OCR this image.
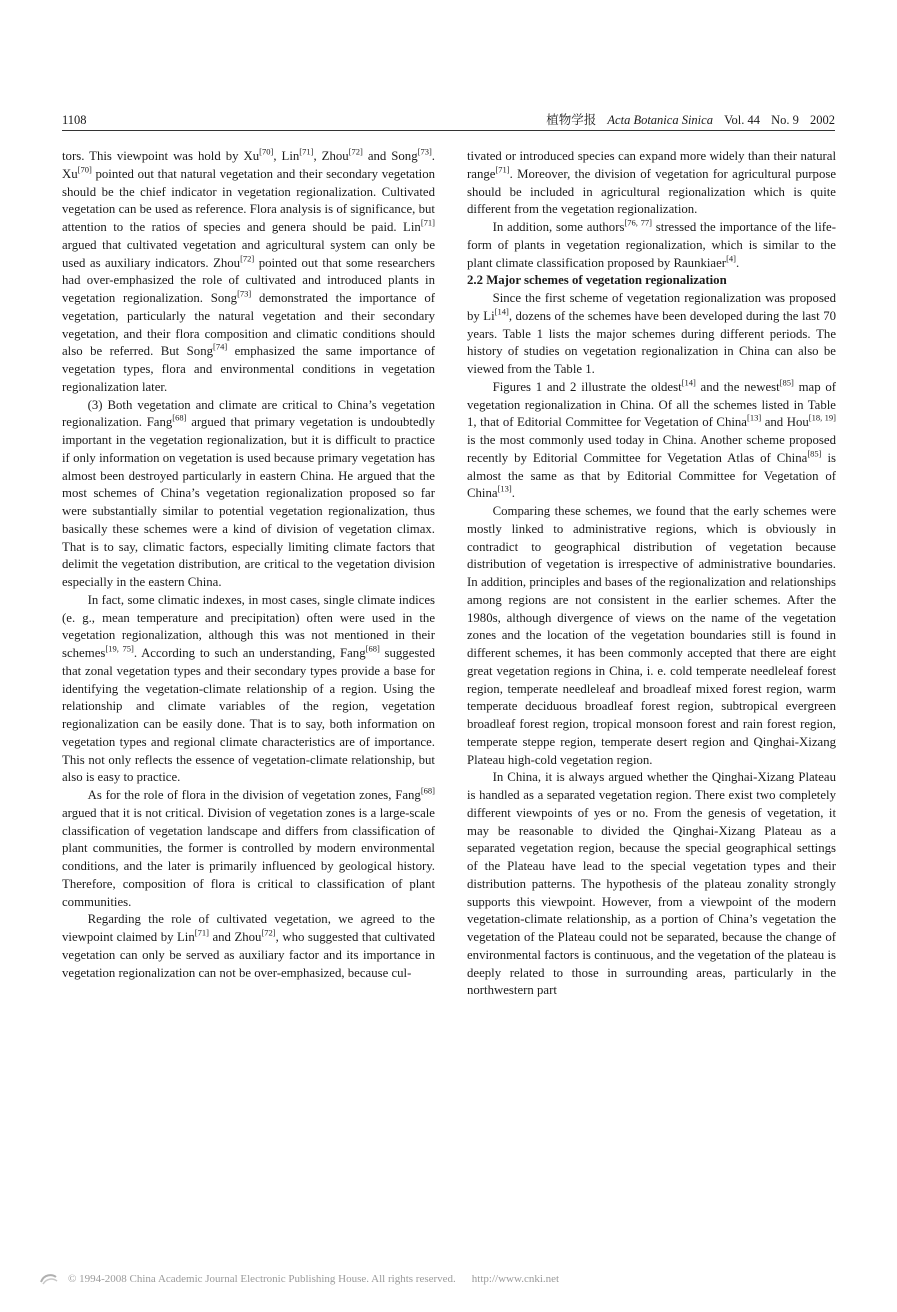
1108	植物学报 Acta Botanica Sinica Vol. 44 No. 9 2002

tors. This viewpoint was hold by Xu[70], Lin[71], Zhou[72] and Song[73]. Xu[70] pointed out that natural vegetation and their secondary vegetation should be the chief indicator in vegetation regionalization. Cultivated vegetation can be used as reference. Flora analysis is of significance, but attention to the ratios of species and genera should be paid. Lin[71] argued that cultivated vegetation and agricultural system can only be used as auxiliary indicators. Zhou[72] pointed out that some researchers had over-emphasized the role of cultivated and introduced plants in vegetation regionalization. Song[73] demonstrated the importance of vegetation, particularly the natural vegetation and their secondary vegetation, and their flora composition and climatic conditions should also be referred. But Song[74] emphasized the same importance of vegetation types, flora and environmental conditions in vegetation regionalization later.

(3) Both vegetation and climate are critical to China’s vegetation regionalization. Fang[68] argued that primary vegetation is undoubtedly important in the vegetation regionalization, but it is difficult to practice if only information on vegetation is used because primary vegetation has almost been destroyed particularly in eastern China. He argued that the most schemes of China’s vegetation regionalization proposed so far were substantially similar to potential vegetation regionalization, thus basically these schemes were a kind of division of vegetation climax. That is to say, climatic factors, especially limiting climate factors that delimit the vegetation distribution, are critical to the vegetation division especially in the eastern China.

In fact, some climatic indexes, in most cases, single climate indices (e. g., mean temperature and precipitation) often were used in the vegetation regionalization, although this was not mentioned in their schemes[19, 75]. According to such an understanding, Fang[68] suggested that zonal vegetation types and their secondary types provide a base for identifying the vegetation-climate relationship of a region. Using the relationship and climate variables of the region, vegetation regionalization can be easily done. That is to say, both information on vegetation types and regional climate characteristics are of importance. This not only reflects the essence of vegetation-climate relationship, but also is easy to practice.

As for the role of flora in the division of vegetation zones, Fang[68] argued that it is not critical. Division of vegetation zones is a large-scale classification of vegetation landscape and differs from classification of plant communities, the former is controlled by modern environmental conditions, and the later is primarily influenced by geological history. Therefore, composition of flora is critical to classification of plant communities.

Regarding the role of cultivated vegetation, we agreed to the viewpoint claimed by Lin[71] and Zhou[72], who suggested that cultivated vegetation can only be served as auxiliary factor and its importance in vegetation regionalization can not be over-emphasized, because cul-

tivated or introduced species can expand more widely than their natural range[71]. Moreover, the division of vegetation for agricultural purpose should be included in agricultural regionalization which is quite different from the vegetation regionalization.

In addition, some authors[76, 77] stressed the importance of the life-form of plants in vegetation regionalization, which is similar to the plant climate classification proposed by Raunkiaer[4].

2.2 Major schemes of vegetation regionalization

Since the first scheme of vegetation regionalization was proposed by Li[14], dozens of the schemes have been developed during the last 70 years. Table 1 lists the major schemes during different periods. The history of studies on vegetation regionalization in China can also be viewed from the Table 1.

Figures 1 and 2 illustrate the oldest[14] and the newest[85] map of vegetation regionalization in China. Of all the schemes listed in Table 1, that of Editorial Committee for Vegetation of China[13] and Hou[18, 19] is the most commonly used today in China. Another scheme proposed recently by Editorial Committee for Vegetation Atlas of China[85] is almost the same as that by Editorial Committee for Vegetation of China[13].

Comparing these schemes, we found that the early schemes were mostly linked to administrative regions, which is obviously in contradict to geographical distribution of vegetation because distribution of vegetation is irrespective of administrative boundaries. In addition, principles and bases of the regionalization and relationships among regions are not consistent in the earlier schemes. After the 1980s, although divergence of views on the name of the vegetation zones and the location of the vegetation boundaries still is found in different schemes, it has been commonly accepted that there are eight great vegetation regions in China, i. e. cold temperate needleleaf forest region, temperate needleleaf and broadleaf mixed forest region, warm temperate deciduous broadleaf forest region, subtropical evergreen broadleaf forest region, tropical monsoon forest and rain forest region, temperate steppe region, temperate desert region and Qinghai-Xizang Plateau high-cold vegetation region.

In China, it is always argued whether the Qinghai-Xizang Plateau is handled as a separated vegetation region. There exist two completely different viewpoints of yes or no. From the genesis of vegetation, it may be reasonable to divided the Qinghai-Xizang Plateau as a separated vegetation region, because the special geographical settings of the Plateau have lead to the special vegetation types and their distribution patterns. The hypothesis of the plateau zonality strongly supports this viewpoint. However, from a viewpoint of the modern vegetation-climate relationship, as a portion of China’s vegetation the vegetation of the Plateau could not be separated, because the change of environmental factors is continuous, and the vegetation of the plateau is deeply related to those in surrounding areas, particularly in the northwestern part

© 1994-2008 China Academic Journal Electronic Publishing House. All rights reserved. http://www.cnki.net
